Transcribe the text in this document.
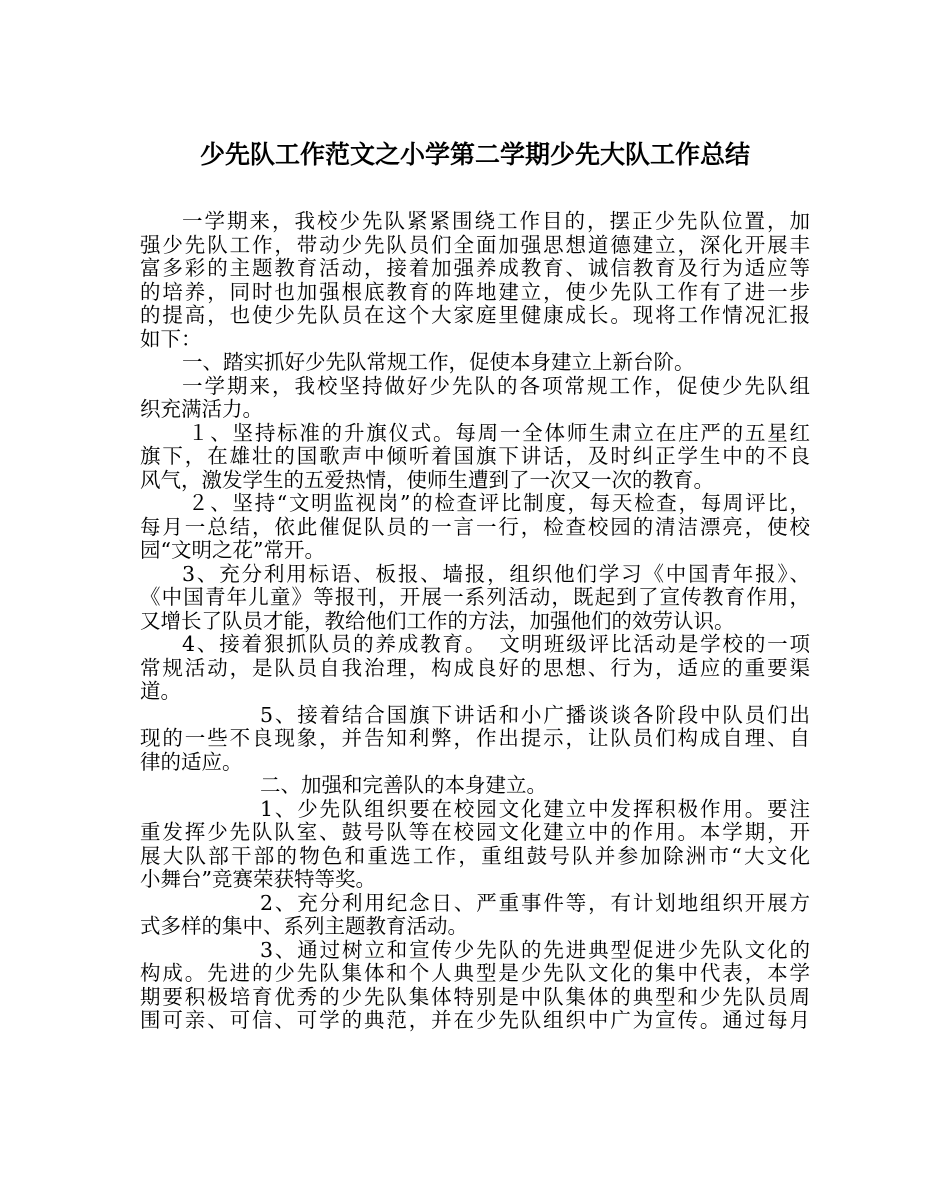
少先队工作范文之小学第二学期少先大队工作总结
一学期来，我校少先队紧紧围绕工作目的，摆正少先队位置，加
强少先队工作，带动少先队员们全面加强思想道德建立，深化开展丰
富多彩的主题教育活动，接着加强养成教育、诚信教育及行为适应等
的培养，同时也加强根底教育的阵地建立，使少先队工作有了进一步
的提高，也使少先队员在这个大家庭里健康成长。现将工作情况汇报
如下：
一、踏实抓好少先队常规工作，促使本身建立上新台阶。
一学期来，我校坚持做好少先队的各项常规工作，促使少先队组
织充满活力。
１、坚持标准的升旗仪式。每周一全体师生肃立在庄严的五星红
旗下，在雄壮的国歌声中倾听着国旗下讲话，及时纠正学生中的不良
风气，激发学生的五爱热情，使师生遭到了一次又一次的教育。
２、坚持“文明监视岗”的检查评比制度，每天检查，每周评比，
每月一总结，依此催促队员的一言一行，检查校园的清洁漂亮，使校
园“文明之花”常开。
3、充分利用标语、板报、墙报，组织他们学习《中国青年报》、
《中国青年儿童》等报刊，开展一系列活动，既起到了宣传教育作用，
又增长了队员才能，教给他们工作的方法，加强他们的效劳认识。
4、接着狠抓队员的养成教育。　文明班级评比活动是学校的一项
常规活动，是队员自我治理，构成良好的思想、行为，适应的重要渠
道。
5、接着结合国旗下讲话和小广播谈谈各阶段中队员们出
现的一些不良现象，并告知利弊，作出提示，让队员们构成自理、自
律的适应。
二、加强和完善队的本身建立。
1、少先队组织要在校园文化建立中发挥积极作用。要注
重发挥少先队队室、鼓号队等在校园文化建立中的作用。本学期，开
展大队部干部的物色和重选工作，重组鼓号队并参加除洲市“大文化
小舞台”竞赛荣获特等奖。
2、充分利用纪念日、严重事件等，有计划地组织开展方
式多样的集中、系列主题教育活动。
3、通过树立和宣传少先队的先进典型促进少先队文化的
构成。先进的少先队集体和个人典型是少先队文化的集中代表，本学
期要积极培育优秀的少先队集体特别是中队集体的典型和少先队员周
围可亲、可信、可学的典范，并在少先队组织中广为宣传。通过每月
